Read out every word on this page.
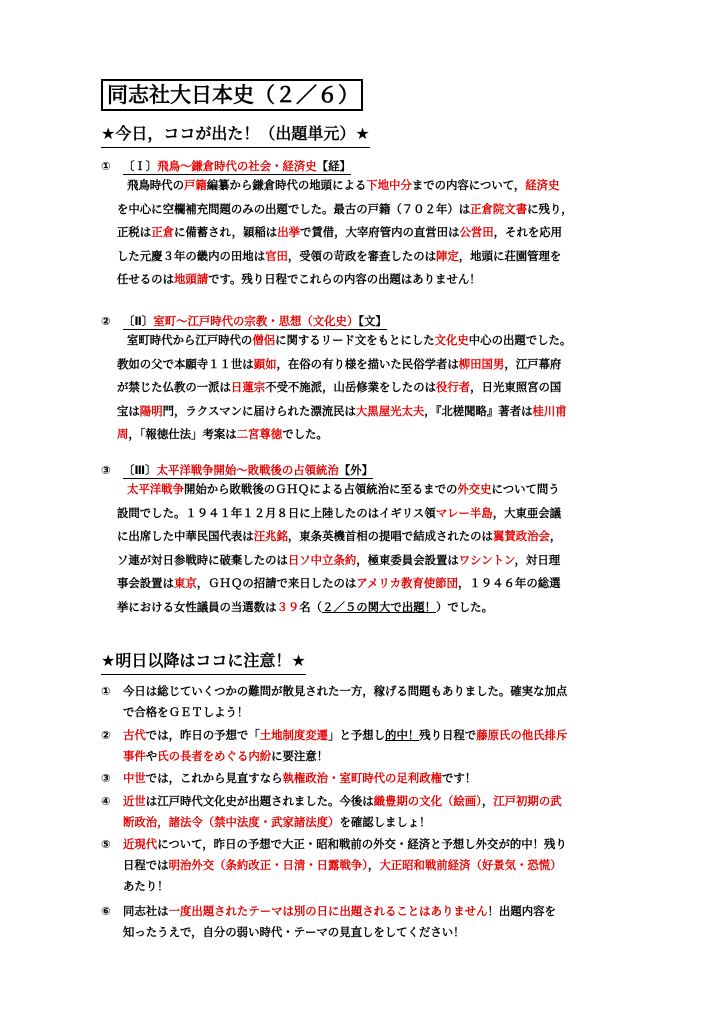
同志社大日本史（２／６）
★今日，ココが出た！（出題単元）★
① 〔Ｉ〕飛鳥～鎌倉時代の社会・経済史【経】
飛鳥時代の戸籍編纂から鎌倉時代の地頭による下地中分までの内容について，経済史
を中心に空欄補充問題のみの出題でした。最古の戸籍（７０２年）は正倉院文書に残り，
正税は正倉に備蓄され，穎稲は出挙で賃借，大宰府管内の直営田は公営田，それを応用
した元慶３年の畿内の田地は官田，受領の苛政を審査したのは陣定，地頭に荘園管理を
任せるのは地頭請です。残り日程でこれらの内容の出題はありません！
② 〔Ⅱ〕室町～江戸時代の宗教・思想（文化史）【文】
室町時代から江戸時代の僧侶に関するリード文をもとにした文化史中心の出題でした。
教如の父で本願寺１１世は顕如，在俗の有り様を描いた民俗学者は柳田国男，江戸幕府
が禁じた仏教の一派は日蓮宗不受不施派，山岳修業をしたのは役行者，日光東照宮の国
宝は陽明門，ラクスマンに届けられた漂流民は大黒屋光太夫，『北槎聞略』著者は桂川甫
周，「報徳仕法」考案は二宮尊徳でした。
③ 〔Ⅲ〕太平洋戦争開始～敗戦後の占領統治【外】
太平洋戦争開始から敗戦後のＧＨＱによる占領統治に至るまでの外交史について問う
設問でした。１９４１年１２月８日に上陸したのはイギリス領マレー半島，大東亜会議
に出席した中華民国代表は汪兆銘，東条英機首相の提唱で結成されたのは翼賛政治会，
ソ連が対日参戦時に破棄したのは日ソ中立条約，極東委員会設置はワシントン，対日理
事会設置は東京，ＧＨＱの招請で来日したのはアメリカ教育使節団，１９４６年の総選
挙における女性議員の当選数は３９名（２／５の関大で出題！）でした。
★明日以降はココに注意！★
① 今日は総じていくつかの難問が散見された一方，稼げる問題もありました。確実な加点
で合格をＧＥＴしよう！
② 古代では，昨日の予想で「土地制度変遷」と予想し的中！残り日程で藤原氏の他氏排斥
事件や氏の長者をめぐる内紛に要注意！
③ 中世では，これから見直すなら執権政治・室町時代の足利政権です！
④ 近世は江戸時代文化史が出題されました。今後は織豊期の文化（絵画），江戸初期の武
断政治，諸法令（禁中法度・武家諸法度）を確認しましょ！
⑤ 近現代について，昨日の予想で大正・昭和戦前の外交・経済と予想し外交が的中！残り
日程では明治外交（条約改正・日清・日露戦争），大正昭和戦前経済（好景気・恐慌）
あたり！
⑥ 同志社は一度出題されたテーマは別の日に出題されることはありません！出題内容を
知ったうえで，自分の弱い時代・テーマの見直しをしてください！
